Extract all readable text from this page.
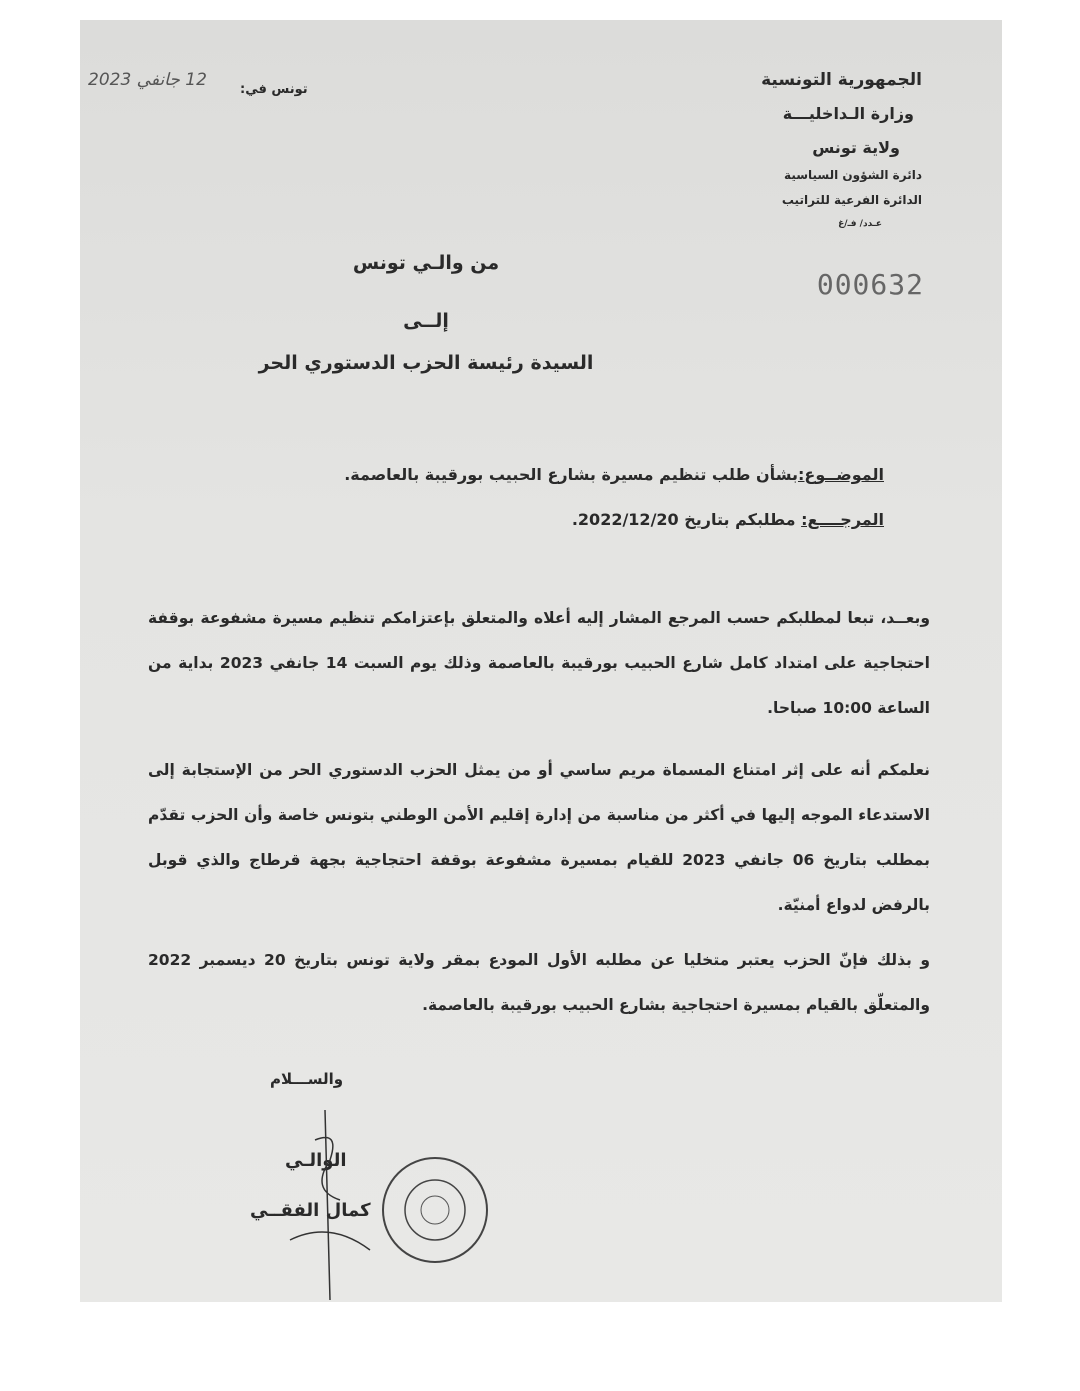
الجمهورية التونسية
وزارة الـداخليـــة
ولاية تونس
دائرة الشؤون السياسية
الدائرة الفرعية للتراتيب
عـدد/ فـ/غ
000632
تونس في:
12 جانفي 2023
من والـي تونس
إلــى
السيدة رئيسة الحزب الدستوري الحر
الموضــوع:بشأن طلب تنظيم مسيرة بشارع الحبيب بورقيبة بالعاصمة.
المرجــــع: مطلبكم بتاريخ 2022/12/20.
وبعــد، تبعا لمطلبكم حسب المرجع المشار إليه أعلاه والمتعلق بإعتزامكم تنظيم مسيرة مشفوعة بوقفة احتجاجية على امتداد كامل شارع الحبيب بورقيبة بالعاصمة وذلك يوم السبت 14 جانفي 2023 بداية من الساعة 10:00 صباحا.
نعلمكم أنه على إثر امتناع المسماة مريم ساسي أو من يمثل الحزب الدستوري الحر من الإستجابة إلى الاستدعاء الموجه إليها في أكثر من مناسبة من إدارة إقليم الأمن الوطني بتونس خاصة وأن الحزب تقدّم بمطلب بتاريخ 06 جانفي 2023 للقيام بمسيرة مشفوعة بوقفة احتجاجية بجهة قرطاج والذي قوبل بالرفض لدواع أمنيّة.
و بذلك فإنّ الحزب يعتبر متخليا عن مطلبه الأول المودع بمقر ولاية تونس بتاريخ 20 ديسمبر 2022 والمتعلّق بالقيام بمسيرة احتجاجية بشارع الحبيب بورقيبة بالعاصمة.
والســـلام
الوالـي
كمال الفقــي
